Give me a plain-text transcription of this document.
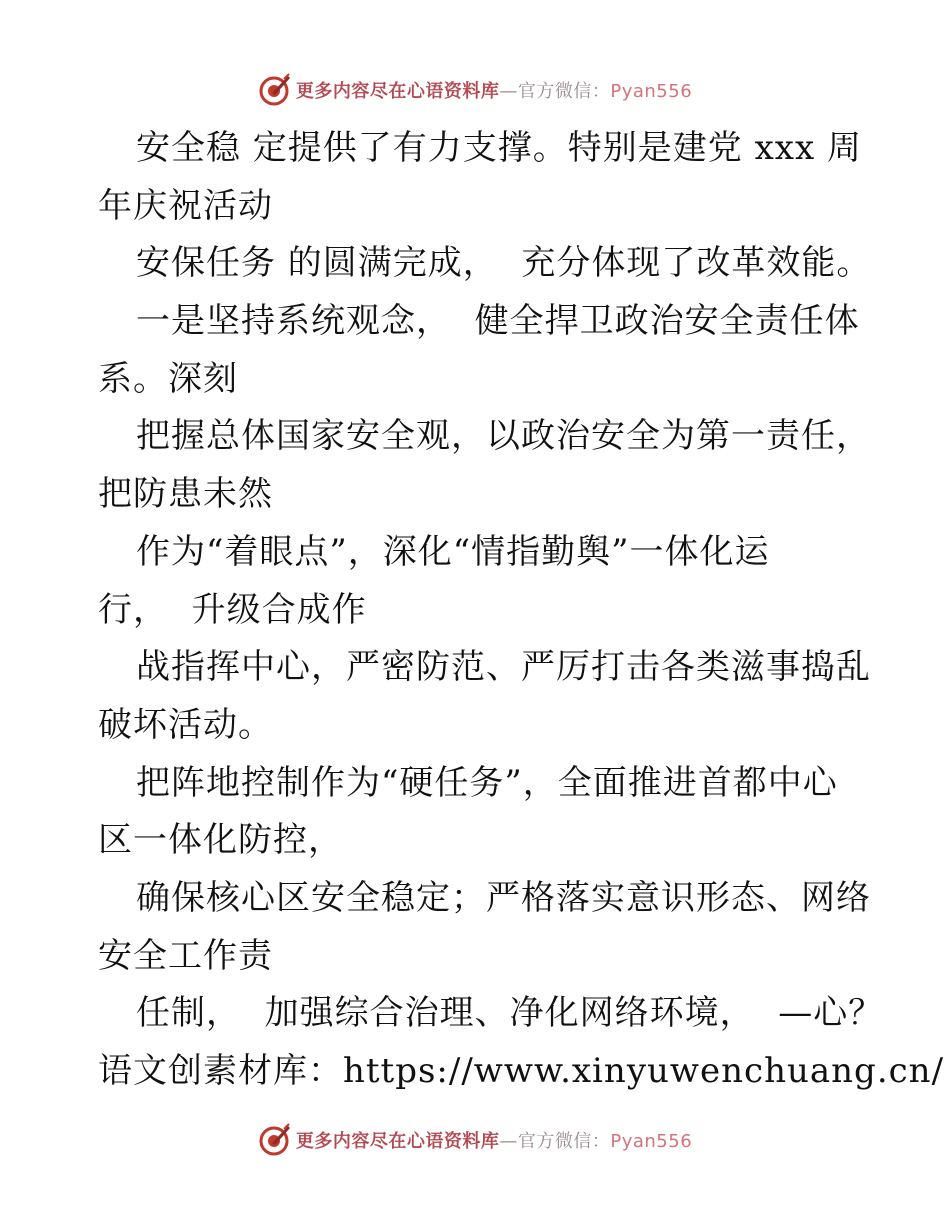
更多内容尽在心语资料库—官方微信：Pyan556
安全稳 定提供了有力支撑。特别是建党 xxx 周
年庆祝活动
安保任务 的圆满完成，  充分体现了改革效能。
一是坚持系统观念，  健全捍卫政治安全责任体
系。深刻
把握总体国家安全观，以政治安全为第一责任，
把防患未然
作为“着眼点”，深化“情指勤舆”一体化运
行，  升级合成作
战指挥中心，严密防范、严厉打击各类滋事捣乱
破坏活动。
把阵地控制作为“硬任务”，全面推进首都中心
区一体化防控，
确保核心区安全稳定；严格落实意识形态、网络
安全工作责
任制，  加强综合治理、净化网络环境，  —心？
语文创素材库：https://www.xinyuwenchuang.cn/
更多内容尽在心语资料库—官方微信：Pyan556
